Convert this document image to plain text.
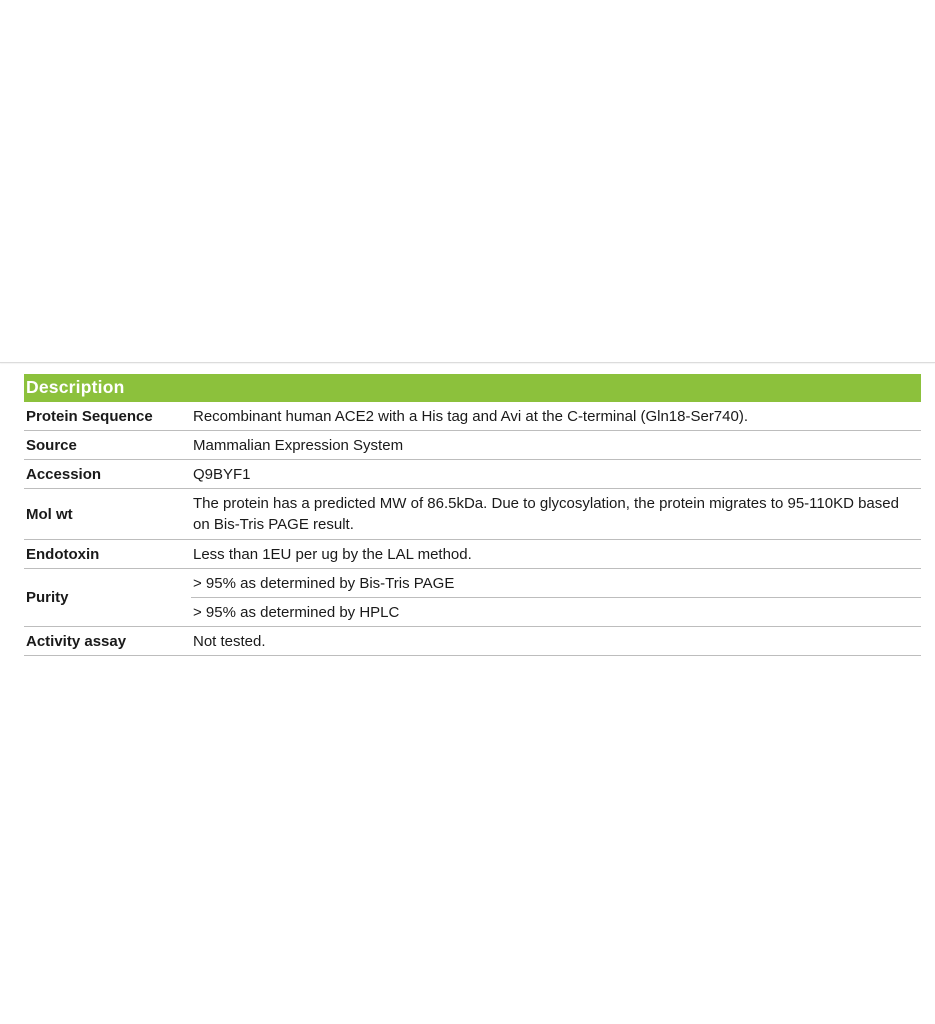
Description	
Protein Sequence	Recombinant human ACE2 with a His tag and Avi at the C-terminal (Gln18-Ser740).
Source	Mammalian Expression System
Accession	Q9BYF1
Mol wt	The protein has a predicted MW of 86.5kDa. Due to glycosylation, the protein migrates to 95-110KD based on Bis-Tris PAGE result.
Endotoxin	Less than 1EU per ug by the LAL method.
Purity	> 95% as determined by Bis-Tris PAGE
	> 95% as determined by HPLC
Activity assay	Not tested.
